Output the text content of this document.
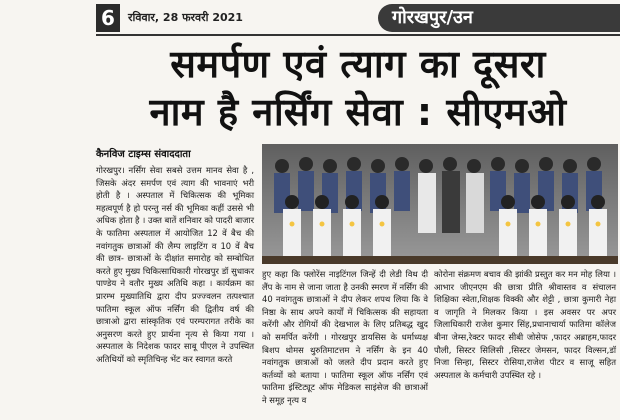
6	रविवार, 28 फरवरी 2021	गोरखपुर/उन
समर्पण एवं त्याग का दूसरा
नाम है नर्सिंग सेवा : सीएमओ
कैनविज टाइम्स संवाददाता

गोरखपुर। नर्सिंग सेवा सबसे उत्तम मानव सेवा है , जिसके अंदर समर्पण एवं त्याग की भावनाएं भरी होती है । अस्पताल में चिकित्सक की भूमिका महत्वपूर्ण है हो परन्तु नर्स की भूमिका कहीं उससे भी अधिक होता है । उक्त बातें शनिवार को पादरी बाजार के फातिमा अस्पताल में आयोजित 12 वें बैच की नवांगतुक छात्राओं की लैम्प लाइटिंग व 10 वें बैच की छात्र- छात्राओं के दीक्षांत समारोह को सम्बोधित करते हुए मुख्य चिकित्साधिकारी गोरखपुर डॉ सुधाकर पाण्डेय ने वतौर मुख्य अतिथि कहा । कार्यक्रम का प्रारम्भ मुख्यातिथि द्वारा दीप प्रज्ज्वलन तत्पश्चात फातिमा स्कूल ऑफ नर्सिंग की द्वितीय वर्ष की छात्राओ द्वारा सांस्कृतिक एवं परम्परागत तरीके का अनुसरण करते हुए प्रार्थना नृत्य से किया गया । अस्पताल के निदेशक फादर साबू पीएल ने उपस्थित अतिथियों को स्मृतिचिन्ह भेंट कर स्वागत करते

हुए कहा कि फ्लोरेंस नाइटिंगल जिन्हें दी लेडी विथ दी लैंप के नाम से जाना जाता है उनकी स्मरण में नर्सिंग की 40 नवांगतुक छात्राओं ने दीप लेकर शपथ लिया कि वे निष्ठा के साथ अपने कार्यों में चिकित्सक की सहायता करेंगी और रोगियों की देखभाल के लिए प्रतिबद्ध खुद को समर्पित करेंगी । गोरखपुर डायसिस के धर्माध्यक्ष बिशप थोमस थुरुतिमाटत्तम ने नर्सिंग के इन 40 नवांगतुक छात्राओं को जलते दीप प्रदान करते हुए कर्तव्यों को बताया । फातिमा स्कूल ऑफ नर्सिंग एवं फातिमा इंस्टिट्यूट ऑफ मेडिकल साइंसेज की छात्राओं ने समूह नृत्य व

कोरोना संक्रमण बचाव की झांकी प्रस्तुत कर मन मोह लिया । आभार जीएनएम की छात्रा प्रीति श्रीवास्तव व संचालन शिक्षिका स्वेता,शिक्षक विक्की और शेट्टी , छात्रा कुमारी नेहा व जागृति ने मिलकर किया । इस अवसर पर अपर जिलाधिकारी राजेश कुमार सिंह,प्रधानाचार्या फातिमा कॉलेज बीना जेम्स,रेक्टर फादर सीबी जोसेफ ,फादर अब्राहम,फादर पौली, सिस्टर सिलिसी ,सिस्टर जेमसन, फादर विल्सन,डॉ निजा सिन्हा, सिस्टर रोसिया,राजेश पीटर व साजू सहित अस्पताल के कर्मचारी उपस्थित रहे ।
